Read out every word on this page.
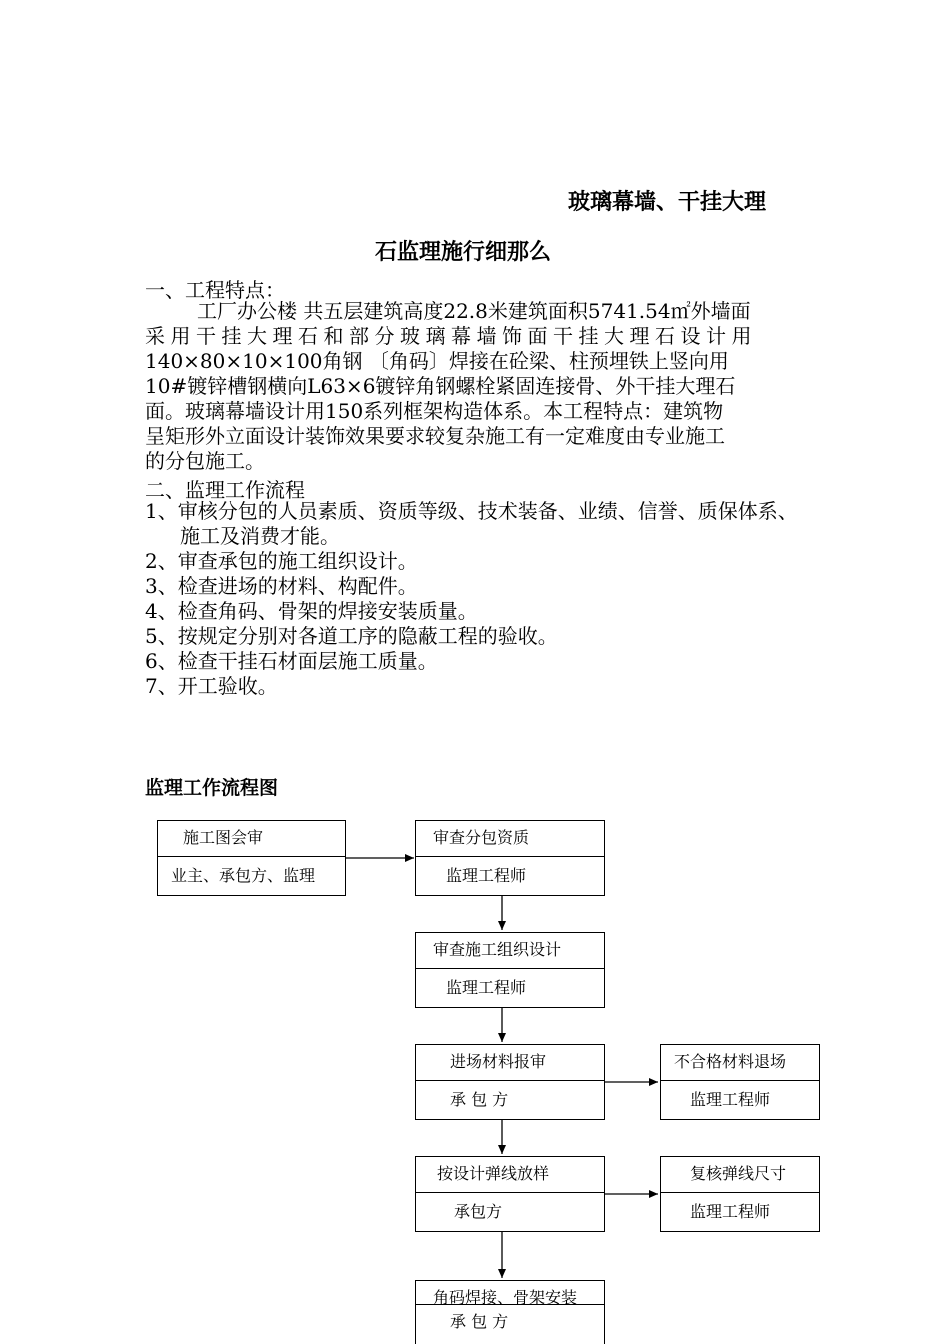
玻璃幕墙、干挂大理
石监理施行细那么
一、工程特点：
工厂办公楼 共五层建筑高度22.8米建筑面积5741.54㎡外墙面
采用干挂大理石和部分玻璃幕墙饰面干挂大理石设计用
140×80×10×100角钢 〔角码〕焊接在砼梁、柱预埋铁上竖向用
10#镀锌槽钢横向L63×6镀锌角钢螺栓紧固连接骨、外干挂大理石
面。玻璃幕墙设计用150系列框架构造体系。本工程特点：建筑物
呈矩形外立面设计装饰效果要求较复杂施工有一定难度由专业施工
的分包施工。
二、监理工作流程
1、审核分包的人员素质、资质等级、技术装备、业绩、信誉、质保体系、施工及消费才能。
2、审查承包的施工组织设计。
3、检查进场的材料、构配件。
4、检查角码、骨架的焊接安装质量。
5、按规定分别对各道工序的隐蔽工程的验收。
6、检查干挂石材面层施工质量。
7、开工验收。
监理工作流程图
施工图会审
业主、承包方、监理
审查分包资质
监理工程师
审查施工组织设计
监理工程师
进场材料报审
承 包 方
不合格材料退场
监理工程师
按设计弹线放样
承包方
复核弹线尺寸
监理工程师
角码焊接、骨架安装
承 包 方
